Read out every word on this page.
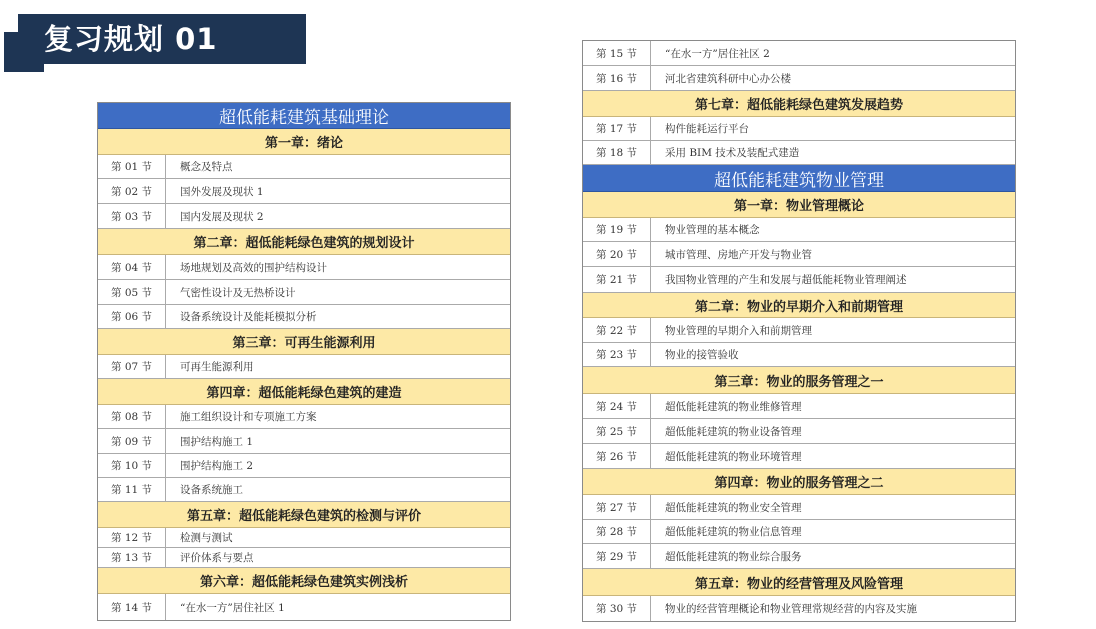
复习规划 01
超低能耗建筑基础理论
第一章：绪论
第 01 节	概念及特点
第 02 节	国外发展及现状 1
第 03 节	国内发展及现状 2
第二章：超低能耗绿色建筑的规划设计
第 04 节	场地规划及高效的围护结构设计
第 05 节	气密性设计及无热桥设计
第 06 节	设备系统设计及能耗模拟分析
第三章：可再生能源利用
第 07 节	可再生能源利用
第四章：超低能耗绿色建筑的建造
第 08 节	施工组织设计和专项施工方案
第 09 节	围护结构施工 1
第 10 节	围护结构施工 2
第 11 节	设备系统施工
第五章：超低能耗绿色建筑的检测与评价
第 12 节	检测与测试
第 13 节	评价体系与要点
第六章：超低能耗绿色建筑实例浅析
第 14 节	“在水一方”居住社区 1
第 15 节	“在水一方”居住社区 2
第 16 节	河北省建筑科研中心办公楼
第七章：超低能耗绿色建筑发展趋势
第 17 节	构件能耗运行平台
第 18 节	采用 BIM 技术及装配式建造
超低能耗建筑物业管理
第一章：物业管理概论
第 19 节	物业管理的基本概念
第 20 节	城市管理、房地产开发与物业管
第 21 节	我国物业管理的产生和发展与超低能耗物业管理阐述
第二章：物业的早期介入和前期管理
第 22 节	物业管理的早期介入和前期管理
第 23 节	物业的接管验收
第三章：物业的服务管理之一
第 24 节	超低能耗建筑的物业维修管理
第 25 节	超低能耗建筑的物业设备管理
第 26 节	超低能耗建筑的物业环境管理
第四章：物业的服务管理之二
第 27 节	超低能耗建筑的物业安全管理
第 28 节	超低能耗建筑的物业信息管理
第 29 节	超低能耗建筑的物业综合服务
第五章：物业的经营管理及风险管理
第 30 节	物业的经营管理概论和物业管理常规经营的内容及实施
